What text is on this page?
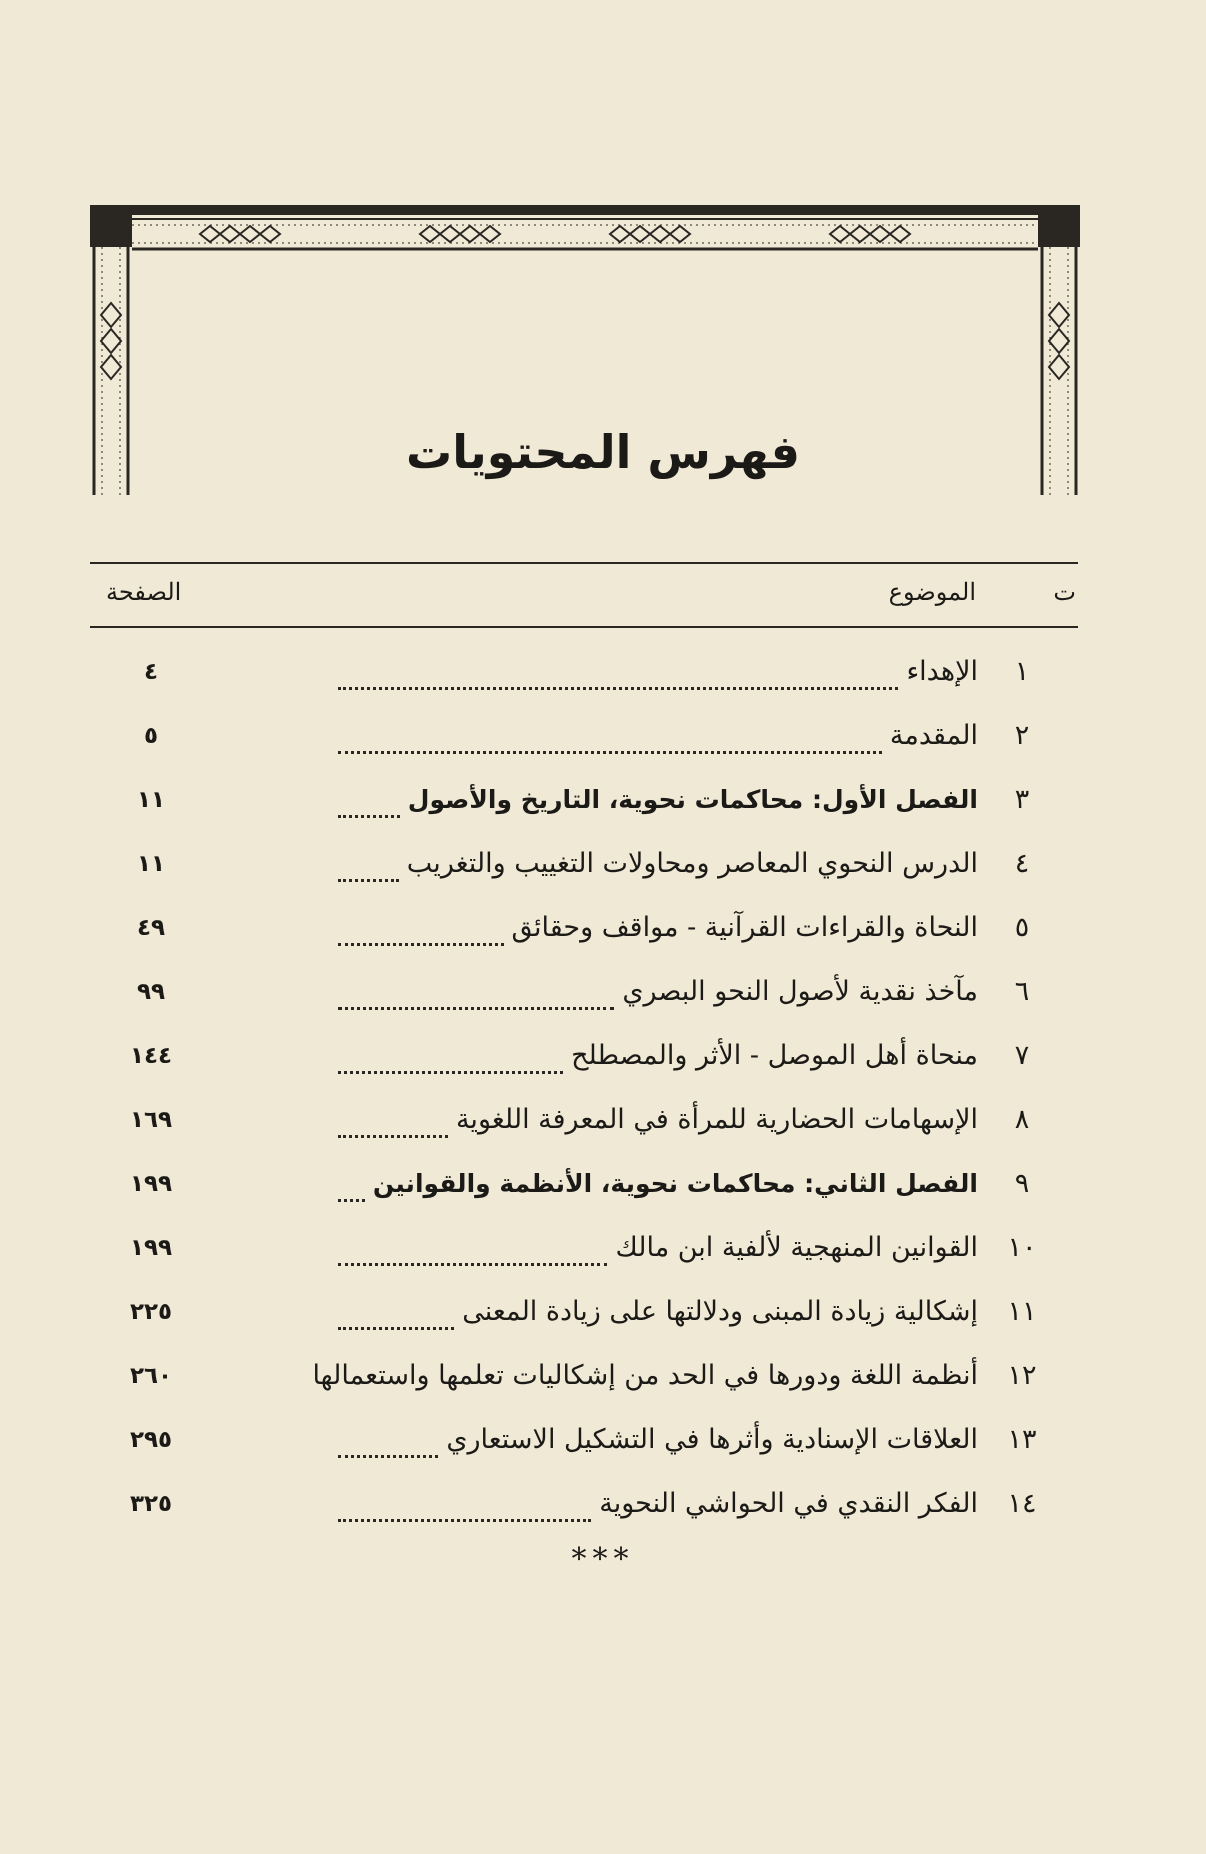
فهرس المحتويات
ت
الموضوع
الصفحة
١
الإهداء
٤
٢
المقدمة
٥
٣
الفصل الأول: محاكمات نحوية، التاريخ والأصول
١١
٤
الدرس النحوي المعاصر ومحاولات التغييب والتغريب
١١
٥
النحاة والقراءات القرآنية - مواقف وحقائق
٤٩
٦
مآخذ نقدية لأصول النحو البصري
٩٩
٧
منحاة أهل الموصل - الأثر والمصطلح
١٤٤
٨
الإسهامات الحضارية للمرأة في المعرفة اللغوية
١٦٩
٩
الفصل الثاني: محاكمات نحوية، الأنظمة والقوانين
١٩٩
١٠
القوانين المنهجية لألفية ابن مالك
١٩٩
١١
إشكالية زيادة المبنى ودلالتها على زيادة المعنى
٢٢٥
١٢
أنظمة اللغة ودورها في الحد من إشكاليات تعلمها واستعمالها
٢٦٠
١٣
العلاقات الإسنادية وأثرها في التشكيل الاستعاري
٢٩٥
١٤
الفكر النقدي في الحواشي النحوية
٣٢٥
***
